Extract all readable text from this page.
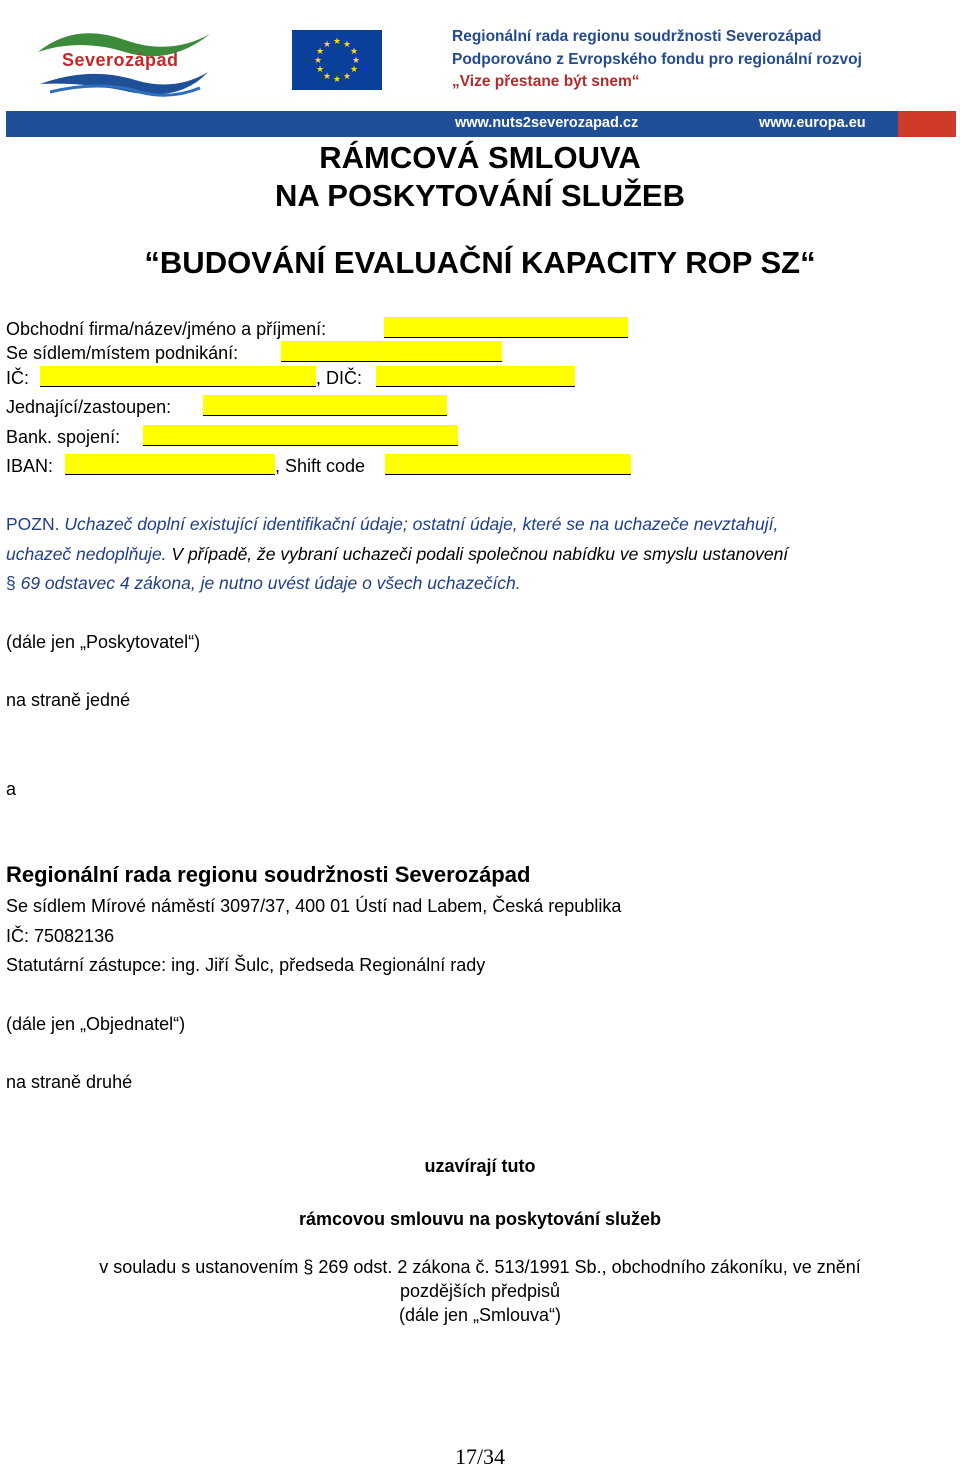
Severozápad
★ ★
★
★
★
★
★
★
★
★
★
★	Regionální rada regionu soudržnosti Severozápad
Podporováno z Evropského fondu pro regionální rozvoj
„Vize přestane být snem“
www.nuts2severozapad.cz	www.europa.eu
RÁMCOVÁ SMLOUVA
NA POSKYTOVÁNÍ SLUŽEB
“BUDOVÁNÍ EVALUAČNÍ KAPACITY ROP SZ“
Obchodní firma/název/jméno a příjmení:
Se sídlem/místem podnikání:
IČ:	, DIČ:
Jednající/zastoupen:
Bank. spojení:
IBAN:	, Shift code
POZN. Uchazeč doplní existující identifikační údaje; ostatní údaje, které se na uchazeče nevztahují,
uchazeč nedoplňuje. V případě, že vybraní uchazeči podali společnou nabídku ve smyslu ustanovení
§ 69 odstavec 4 zákona, je nutno uvést údaje o všech uchazečích.
(dále jen „Poskytovatel“)
na straně jedné
a
Regionální rada regionu soudržnosti Severozápad
Se sídlem Mírové náměstí 3097/37, 400 01 Ústí nad Labem, Česká republika
IČ: 75082136
Statutární zástupce: ing. Jiří Šulc, předseda Regionální rady
(dále jen „Objednatel“)
na straně druhé
uzavírají tuto
rámcovou smlouvu na poskytování služeb
v souladu s ustanovením § 269 odst. 2 zákona č. 513/1991 Sb., obchodního zákoníku, ve znění
pozdějších předpisů
(dále jen „Smlouva“)
17/34
